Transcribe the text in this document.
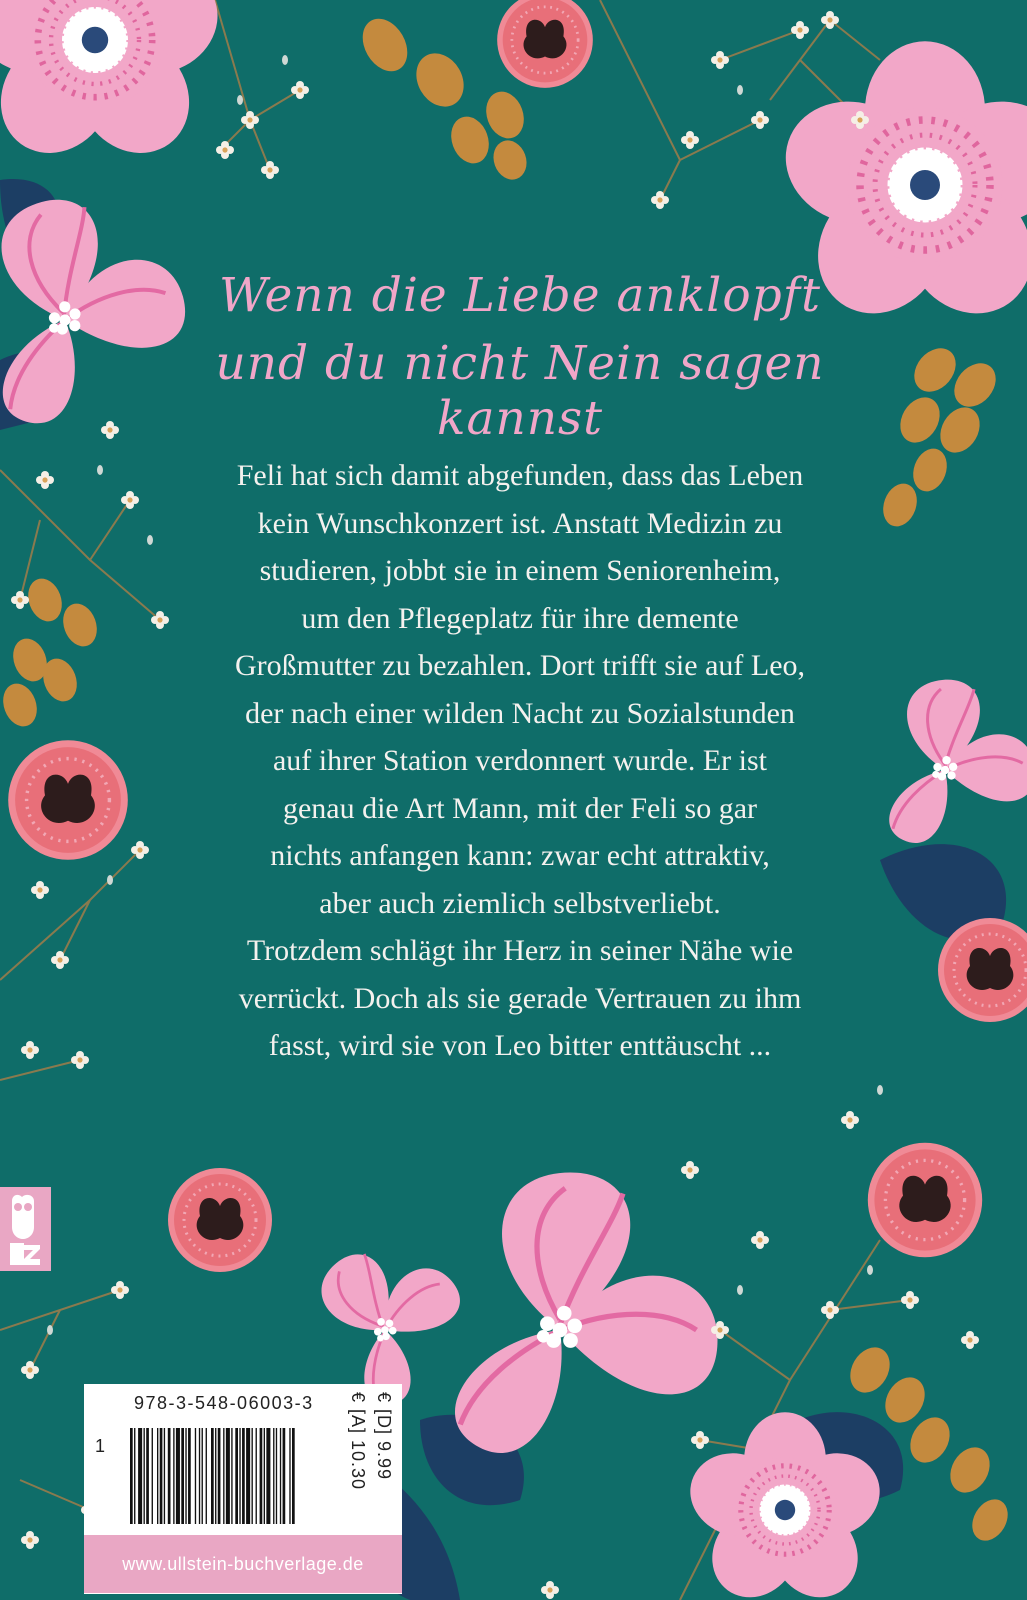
Wenn die Liebe anklopft
und du nicht Nein sagen kannst
Feli hat sich damit abgefunden, dass das Leben
kein Wunschkonzert ist. Anstatt Medizin zu
studieren, jobbt sie in einem Seniorenheim,
um den Pflegeplatz für ihre demente
Großmutter zu bezahlen. Dort trifft sie auf Leo,
der nach einer wilden Nacht zu Sozialstunden
auf ihrer Station verdonnert wurde. Er ist
genau die Art Mann, mit der Feli so gar
nichts anfangen kann: zwar echt attraktiv,
aber auch ziemlich selbstverliebt.
Trotzdem schlägt ihr Herz in seiner Nähe wie
verrückt. Doch als sie gerade Vertrauen zu ihm
fasst, wird sie von Leo bitter enttäuscht ...
978-3-548-06003-3
1	€ [D] 9.99
€ [A] 10.30
www.ullstein-buchverlage.de
